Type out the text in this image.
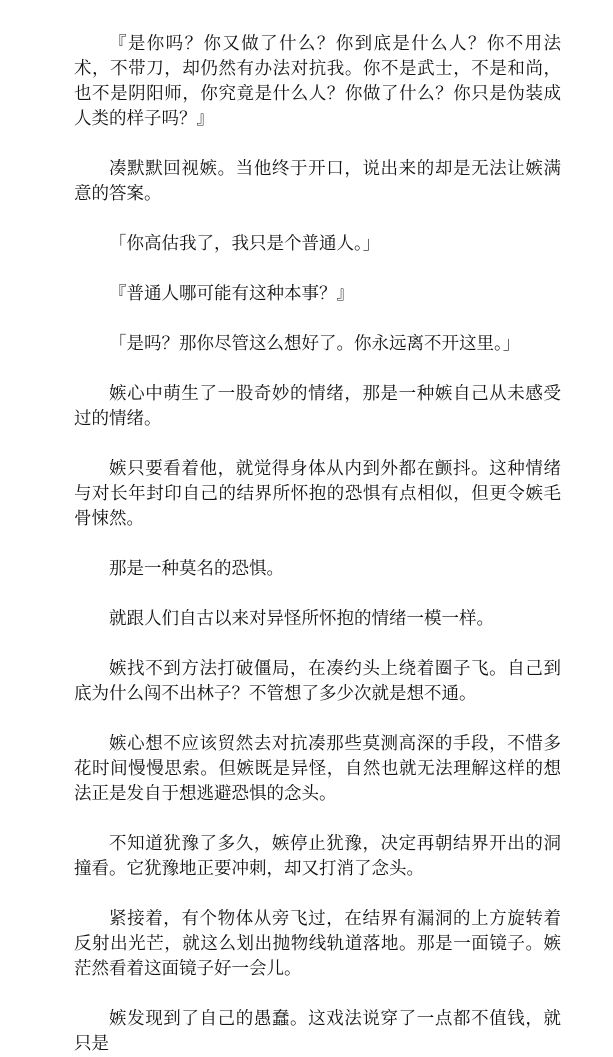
『是你吗？你又做了什么？你到底是什么人？你不用法术，不带刀，却仍然有办法对抗我。你不是武士，不是和尚，也不是阴阳师，你究竟是什么人？你做了什么？你只是伪装成人类的样子吗？』

凑默默回视嫉。当他终于开口，说出来的却是无法让嫉满意的答案。

「你高估我了，我只是个普通人。」

『普通人哪可能有这种本事？』

「是吗？那你尽管这么想好了。你永远离不开这里。」

嫉心中萌生了一股奇妙的情绪，那是一种嫉自己从未感受过的情绪。

嫉只要看着他，就觉得身体从内到外都在颤抖。这种情绪与对长年封印自己的结界所怀抱的恐惧有点相似，但更令嫉毛骨悚然。

那是一种莫名的恐惧。

就跟人们自古以来对异怪所怀抱的情绪一模一样。

嫉找不到方法打破僵局，在凑约头上绕着圈子飞。自己到底为什么闯不出林子？不管想了多少次就是想不通。

嫉心想不应该贸然去对抗凑那些莫测高深的手段，不惜多花时间慢慢思索。但嫉既是异怪，自然也就无法理解这样的想法正是发自于想逃避恐惧的念头。

不知道犹豫了多久，嫉停止犹豫，决定再朝结界开出的洞撞看。它犹豫地正要冲刺，却又打消了念头。

紧接着，有个物体从旁飞过，在结界有漏洞的上方旋转着反射出光芒，就这么划出抛物线轨道落地。那是一面镜子。嫉茫然看着这面镜子好一会儿。

嫉发现到了自己的愚蠢。这戏法说穿了一点都不值钱，就只是
